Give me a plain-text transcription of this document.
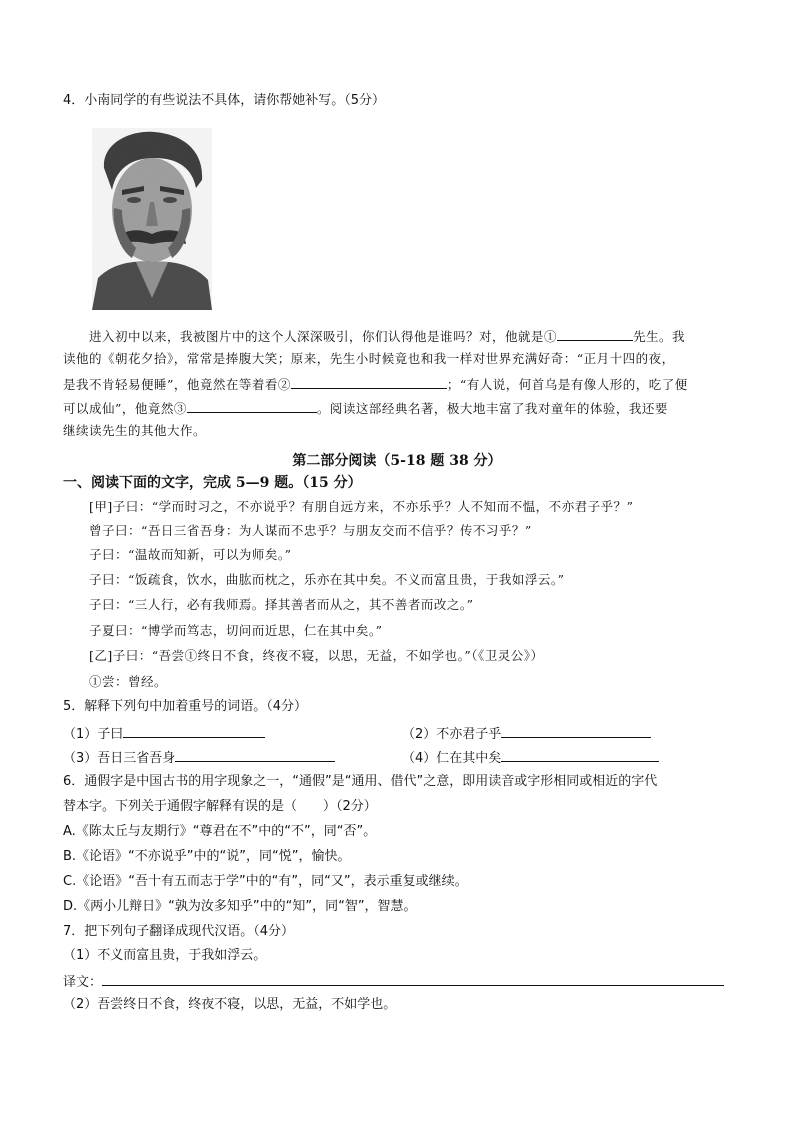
4．小南同学的有些说法不具体，请你帮她补写。（5分）
进入初中以来，我被图片中的这个人深深吸引，你们认得他是谁吗？对，他就是①	先生。我
读他的《朝花夕拾》，常常是捧腹大笑；原来，先生小时候竟也和我一样对世界充满好奇：“正月十四的夜，
是我不肯轻易便睡”，他竟然在等着看②	；“有人说，何首乌是有像人形的，吃了便
可以成仙”，他竟然③	。阅读这部经典名著，极大地丰富了我对童年的体验，我还要
继续读先生的其他大作。
第二部分阅读（5-18 题 38 分）
一、阅读下面的文字，完成 5—9 题。（15 分）
[甲]子曰：“学而时习之，不亦说乎？有朋自远方来，不亦乐乎？人不知而不愠，不亦君子乎？”
曾子曰：“吾日三省吾身：为人谋而不忠乎？与朋友交而不信乎？传不习乎？”
子曰：“温故而知新，可以为师矣。”
子曰：“饭疏食，饮水，曲肱而枕之，乐亦在其中矣。不义而富且贵，于我如浮云。”
子曰：“三人行，必有我师焉。择其善者而从之，其不善者而改之。”
子夏曰：“博学而笃志，切问而近思，仁在其中矣。”
[乙]子曰：“吾尝①终日不食，终夜不寝，以思，无益，不如学也。”（《卫灵公》）
①尝：曾经。
5．解释下列句中加着重号的词语。（4分）
（1）子曰	（2）不亦君子乎
（3）吾日三省吾身	（4）仁在其中矣
6．通假字是中国古书的用字现象之一，“通假”是“通用、借代”之意，即用读音或字形相同或相近的字代
替本字。下列关于通假字解释有误的是（　　）（2分）
A.《陈太丘与友期行》“尊君在不”中的“不”，同“否”。
B.《论语》“不亦说乎”中的“说”，同“悦”，愉快。
C.《论语》“吾十有五而志于学”中的“有”，同“又”，表示重复或继续。
D.《两小儿辩日》“孰为汝多知乎”中的“知”，同“智”，智慧。
7．把下列句子翻译成现代汉语。（4分）
（1）不义而富且贵，于我如浮云。
译文：
（2）吾尝终日不食，终夜不寝，以思，无益，不如学也。
